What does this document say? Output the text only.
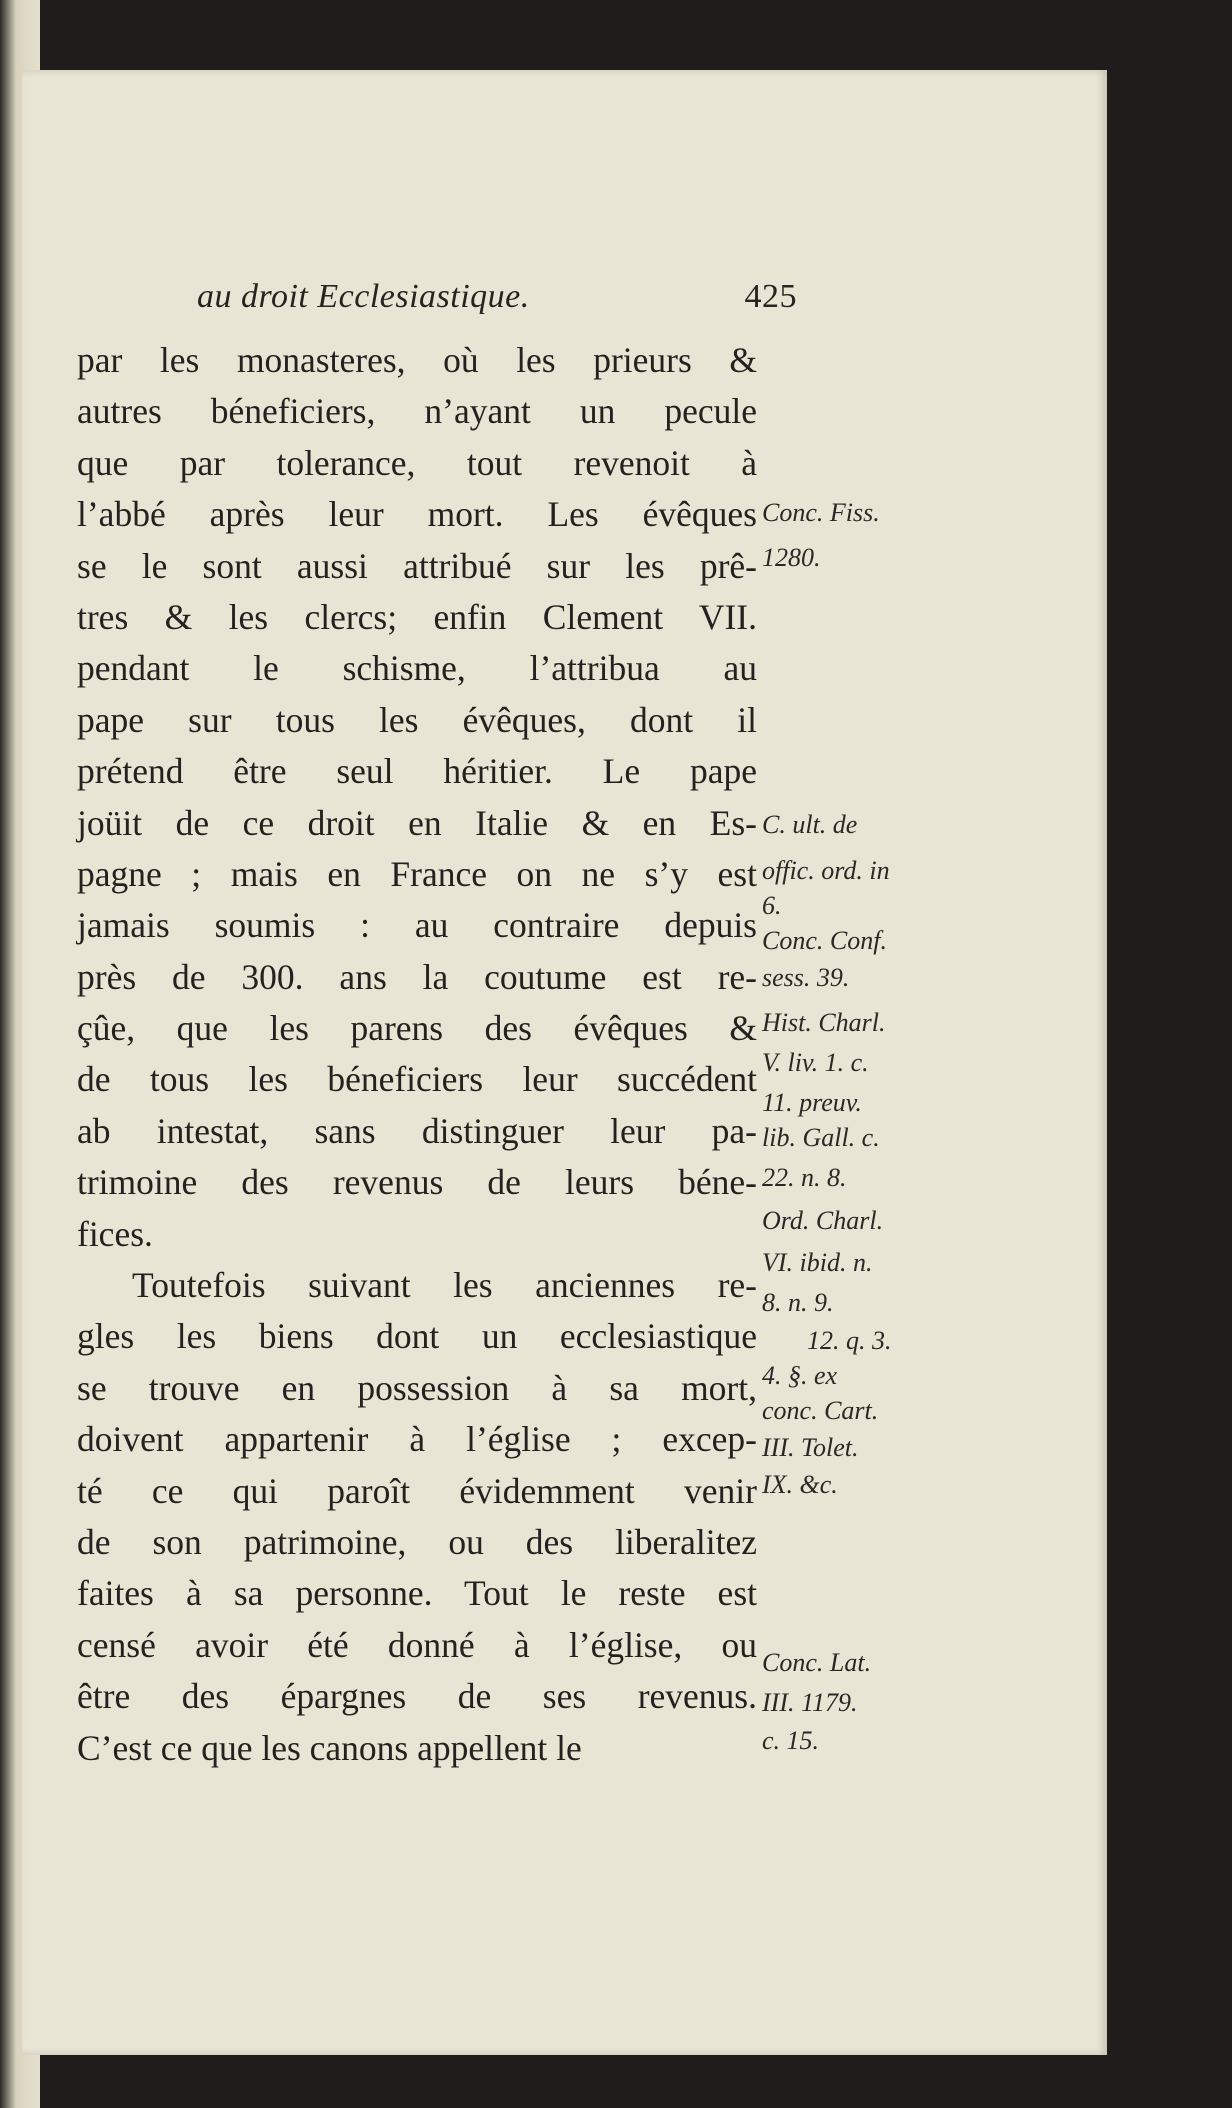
au droit Ecclesiastique.	425
par les monasteres, où les prieurs &
autres béneficiers, n’ayant un pecule
que par tolerance, tout revenoit à
l’abbé après leur mort. Les évêques
se le sont aussi attribué sur les prê-
tres & les clercs; enfin Clement VII.
pendant le schisme, l’attribua au
pape sur tous les évêques, dont il
prétend être seul héritier. Le pape
joüit de ce droit en Italie & en Es-
pagne ; mais en France on ne s’y est
jamais soumis : au contraire depuis
près de 300. ans la coutume est re-
çûe, que les parens des évêques &
de tous les béneficiers leur succédent
ab intestat, sans distinguer leur pa-
trimoine des revenus de leurs béne-
fices.
Toutefois suivant les anciennes re-
gles les biens dont un ecclesiastique
se trouve en possession à sa mort,
doivent appartenir à l’église ; excep-
té ce qui paroît évidemment venir
de son patrimoine, ou des liberalitez
faites à sa personne. Tout le reste est
censé avoir été donné à l’église, ou
être des épargnes de ses revenus.
C’est ce que les canons appellent le
Conc. Fiss.
1280.
C. ult. de
offic. ord. in
6.
Conc. Conf.
sess. 39.
Hist. Charl.
V. liv. 1. c.
11. preuv.
lib. Gall. c.
22. n. 8.
Ord. Charl.
VI. ibid. n.
8. n. 9.
12. q. 3.
4. §. ex
conc. Cart.
III. Tolet.
IX. &c.
Conc. Lat.
III. 1179.
c. 15.
